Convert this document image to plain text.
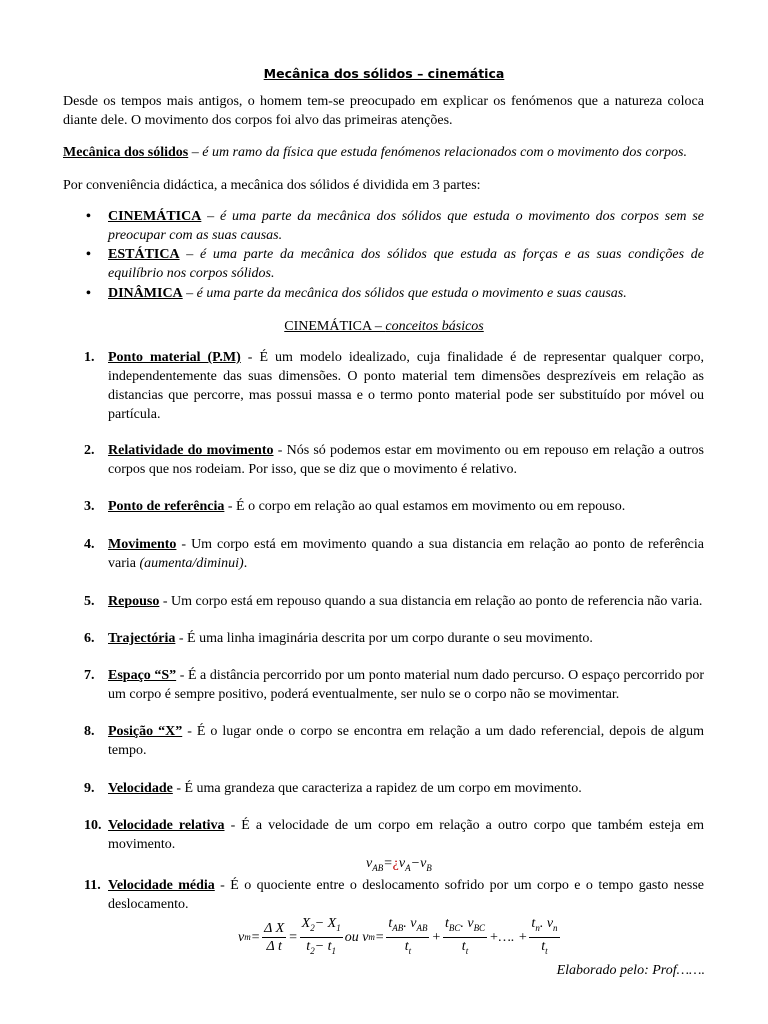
Mecânica dos sólidos – cinemática
Desde os tempos mais antigos, o homem tem-se preocupado em explicar os fenómenos que a natureza coloca diante dele. O movimento dos corpos foi alvo das primeiras atenções.
Mecânica dos sólidos – é um ramo da física que estuda fenómenos relacionados com o movimento dos corpos.
Por conveniência didáctica, a mecânica dos sólidos é dividida em 3 partes:
• CINEMÁTICA – é uma parte da mecânica dos sólidos que estuda o movimento dos corpos sem se preocupar com as suas causas.
• ESTÁTICA – é uma parte da mecânica dos sólidos que estuda as forças e as suas condições de equilíbrio nos corpos sólidos.
• DINÂMICA – é uma parte da mecânica dos sólidos que estuda o movimento e suas causas.
CINEMÁTICA – conceitos básicos
1. Ponto material (P.M) - É um modelo idealizado, cuja finalidade é de representar qualquer corpo, independentemente das suas dimensões. O ponto material tem dimensões desprezíveis em relação as distancias que percorre, mas possui massa e o termo ponto material pode ser substituído por móvel ou partícula.
2. Relatividade do movimento - Nós só podemos estar em movimento ou em repouso em relação a outros corpos que nos rodeiam. Por isso, que se diz que o movimento é relativo.
3. Ponto de referência - É o corpo em relação ao qual estamos em movimento ou em repouso.
4. Movimento - Um corpo está em movimento quando a sua distancia em relação ao ponto de referência varia (aumenta/diminui).
5. Repouso - Um corpo está em repouso quando a sua distancia em relação ao ponto de referencia não varia.
6. Trajectória - É uma linha imaginária descrita por um corpo durante o seu movimento.
7. Espaço “S” - É a distância percorrido por um ponto material num dado percurso. O espaço percorrido por um corpo é sempre positivo, poderá eventualmente, ser nulo se o corpo não se movimentar.
8. Posição “X” - É o lugar onde o corpo se encontra em relação a um dado referencial, depois de algum tempo.
9. Velocidade - É uma grandeza que caracteriza a rapidez de um corpo em movimento.
10. Velocidade relativa - É a velocidade de um corpo em relação a outro corpo que também esteja em movimento.
$v_{AB}=¿v_A-v_B$
11. Velocidade média - É o quociente entre o deslocamento sofrido por um corpo e o tempo gasto nesse deslocamento.
v $m = \frac{\text{Δ X}}{\text{Δ t}} = \frac{X_2- X_1}{t_2- t_1}$ ou
v $m = \frac{t_{AB}. v_{AB}}{t_t} + \frac{t_{BC}. v_{BC}}{t_t}$ +…. + $\frac{t_n. v_n}{t_t}$
Elaborado pelo: Prof…….
